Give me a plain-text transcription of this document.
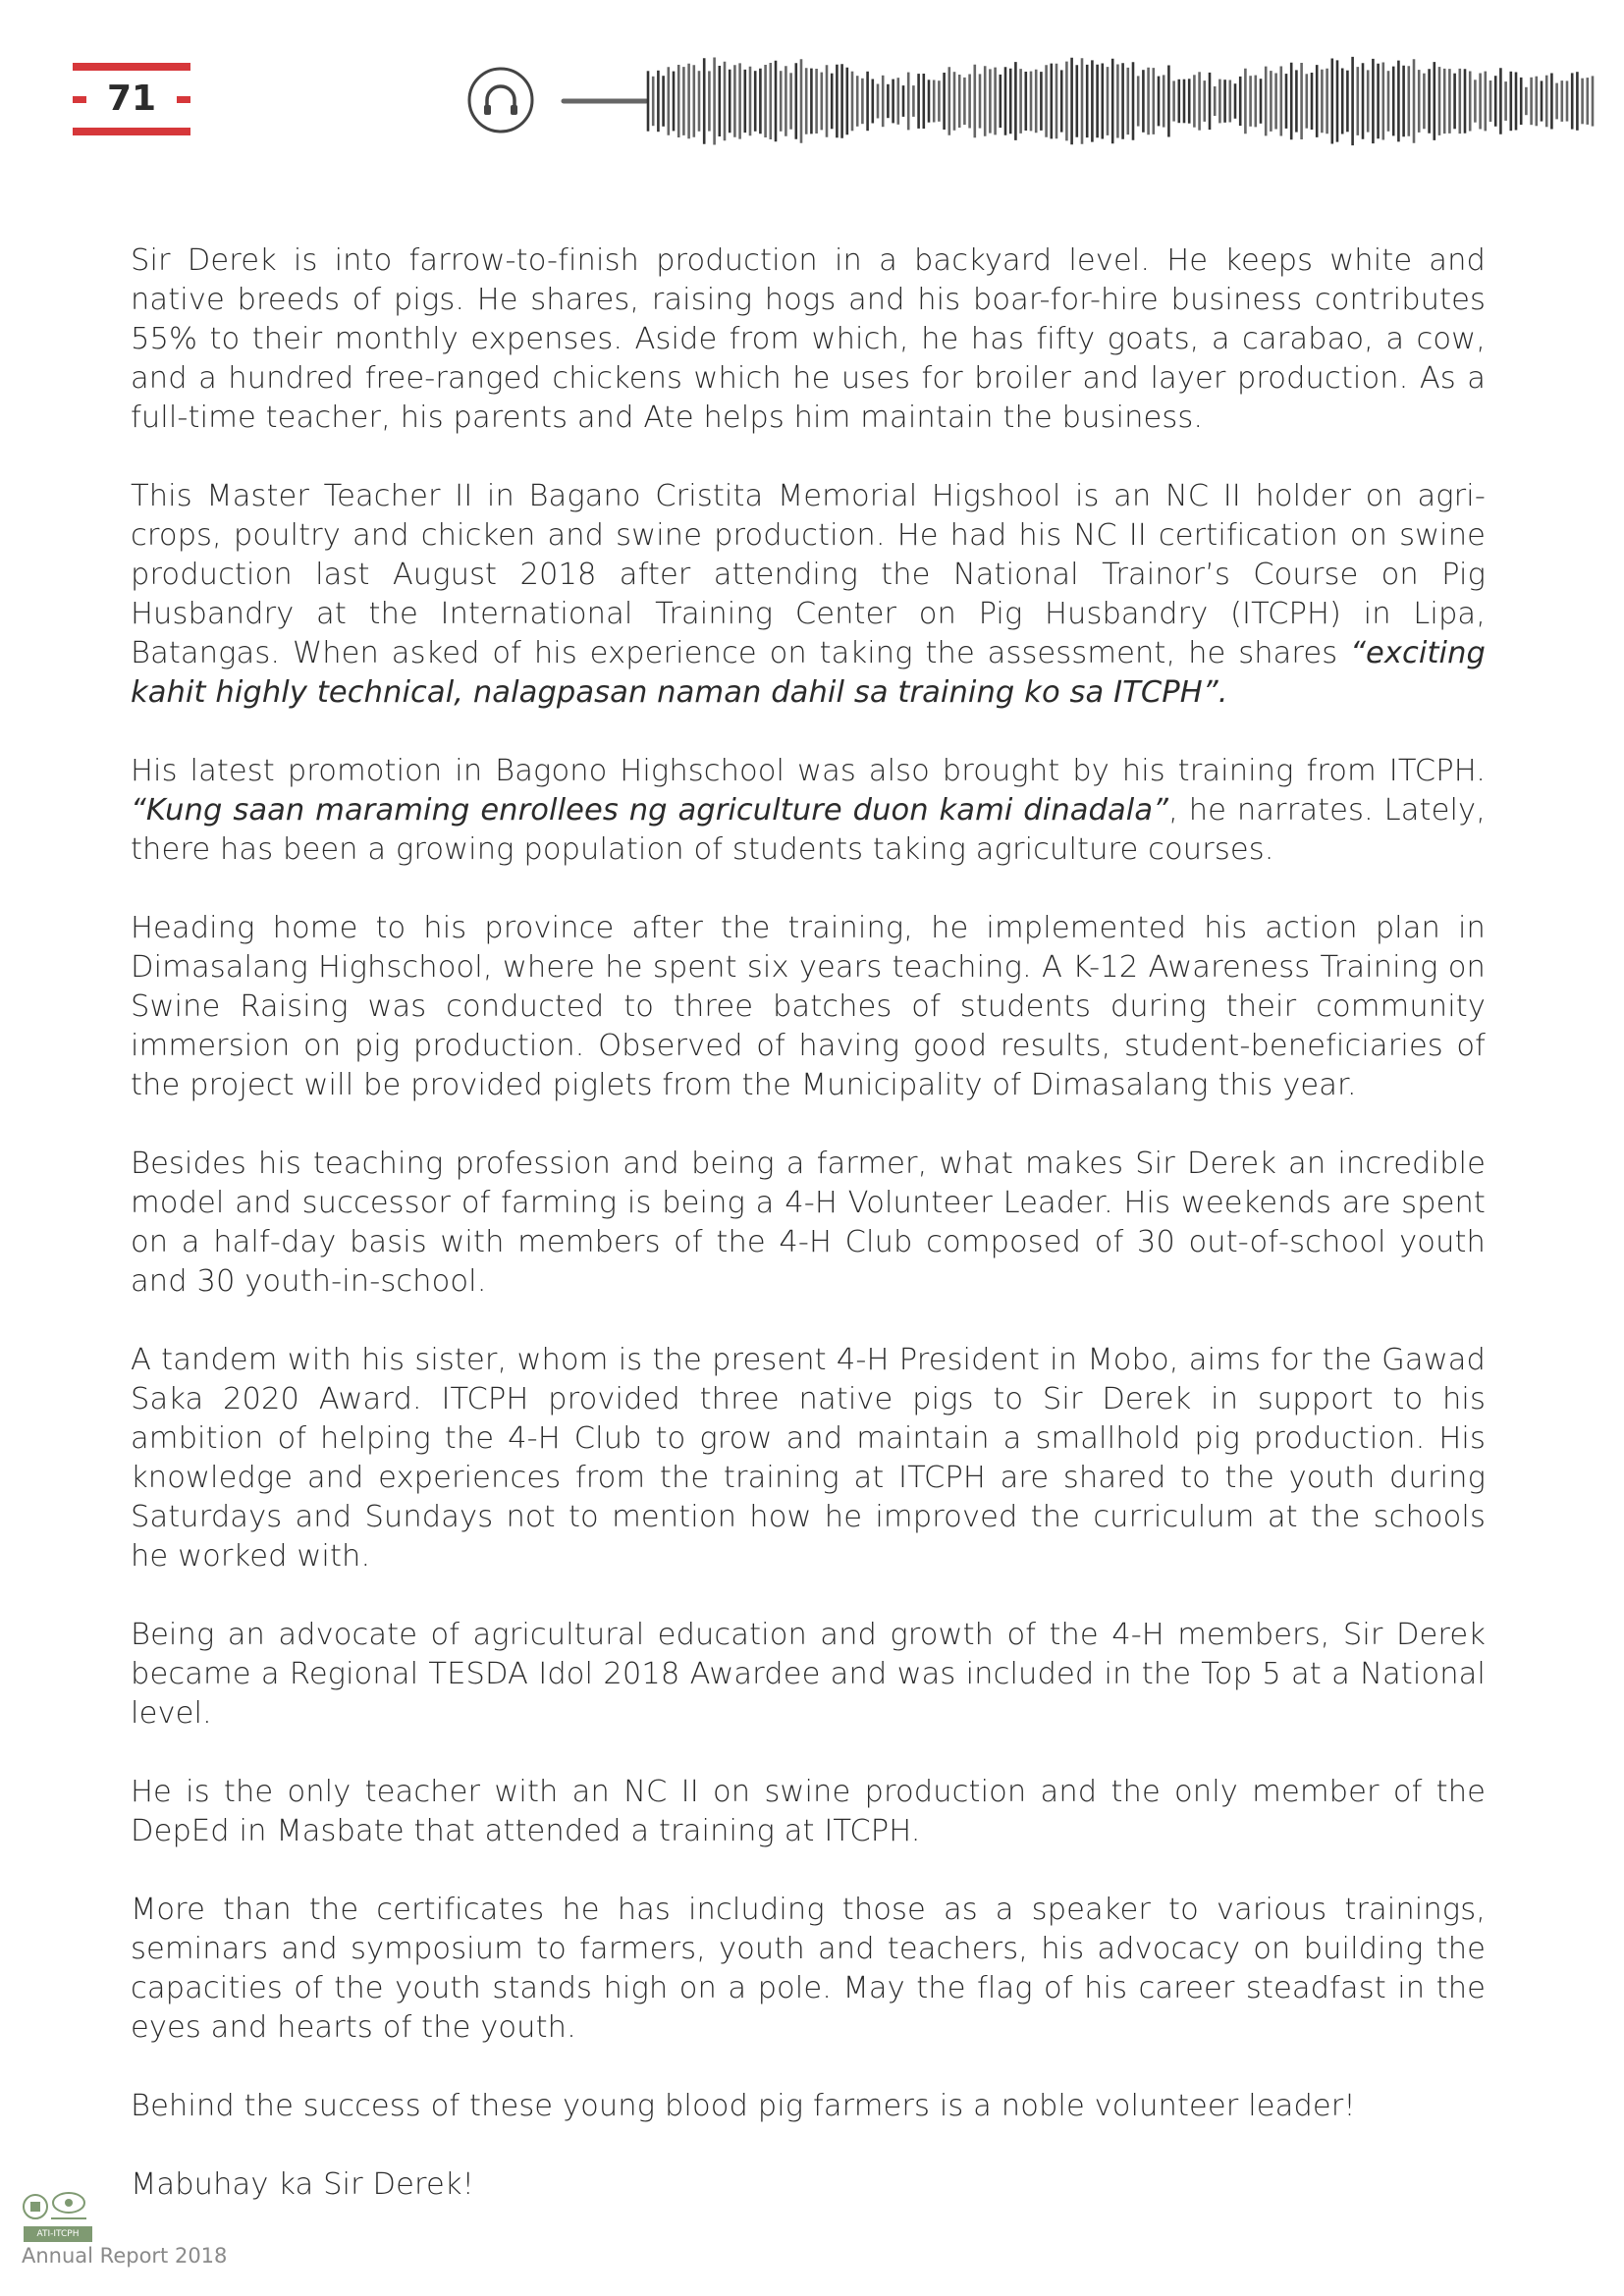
71

Sir Derek is into farrow-to-finish production in a backyard level. He keeps white and native breeds of pigs. He shares, raising hogs and his boar-for-hire business contributes 55% to their monthly expenses. Aside from which, he has fifty goats, a carabao, a cow, and a hundred free-ranged chickens which he uses for broiler and layer production. As a full-time teacher, his parents and Ate helps him maintain the business.

This Master Teacher II in Bagano Cristita Memorial Higshool is an NC II holder on agri-crops, poultry and chicken and swine production. He had his NC II certification on swine production last August 2018 after attending the National Trainor’s Course on Pig Husbandry at the International Training Center on Pig Husbandry (ITCPH) in Lipa, Batangas. When asked of his experience on taking the assessment, he shares “exciting kahit highly technical, nalagpasan naman dahil sa training ko sa ITCPH”.

His latest promotion in Bagono Highschool was also brought by his training from ITCPH. “Kung saan maraming enrollees ng agriculture duon kami dinadala”, he narrates. Lately, there has been a growing population of students taking agriculture courses.

Heading home to his province after the training, he implemented his action plan in Dimasalang Highschool, where he spent six years teaching. A K-12 Awareness Training on Swine Raising was conducted to three batches of students during their community immersion on pig production. Observed of having good results, student-beneficiaries of the project will be provided piglets from the Municipality of Dimasalang this year.

Besides his teaching profession and being a farmer, what makes Sir Derek an incredible model and successor of farming is being a 4-H Volunteer Leader. His weekends are spent on a half-day basis with members of the 4-H Club composed of 30 out-of-school youth and 30 youth-in-school.

A tandem with his sister, whom is the present 4-H President in Mobo, aims for the Gawad Saka 2020 Award. ITCPH provided three native pigs to Sir Derek in support to his ambition of helping the 4-H Club to grow and maintain a smallhold pig production. His knowledge and experiences from the training at ITCPH are shared to the youth during Saturdays and Sundays not to mention how he improved the curriculum at the schools he worked with.

Being an advocate of agricultural education and growth of the 4-H members, Sir Derek became a Regional TESDA Idol 2018 Awardee and was included in the Top 5 at a National level.

He is the only teacher with an NC II on swine production and the only member of the DepEd in Masbate that attended a training at ITCPH.

More than the certificates he has including those as a speaker to various trainings, seminars and symposium to farmers, youth and teachers, his advocacy on building the capacities of the youth stands high on a pole. May the flag of his career steadfast in the eyes and hearts of the youth.

Behind the success of these young blood pig farmers is a noble volunteer leader!

Mabuhay ka Sir Derek!

ATI-ITCPH
Annual Report 2018
